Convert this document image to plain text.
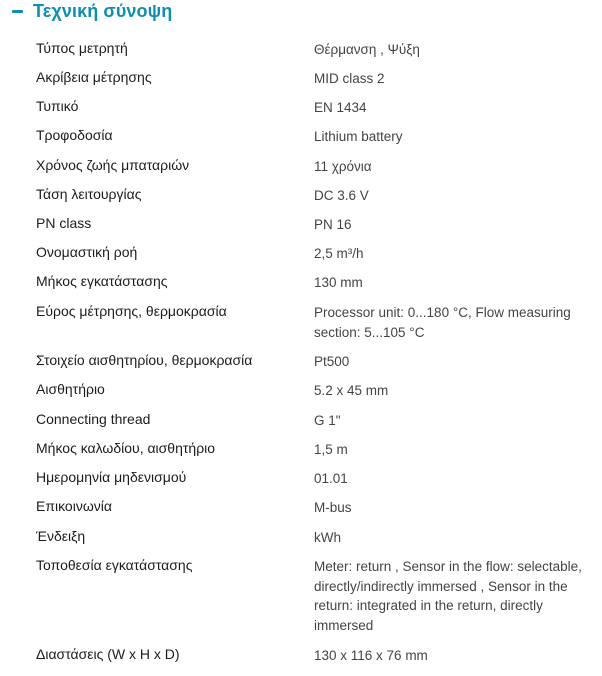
Τεχνική σύνοψη
Τύπος μετρητή	Θέρμανση , Ψύξη
Ακρίβεια μέτρησης	MID class 2
Τυπικό	EN 1434
Τροφοδοσία	Lithium battery
Χρόνος ζωής μπαταριών	11 χρόνια
Τάση λειτουργίας	DC 3.6 V
PN class	PN 16
Ονομαστική ροή	2,5 m³/h
Μήκος εγκατάστασης	130 mm
Εύρος μέτρησης, θερμοκρασία	Processor unit: 0...180 °C, Flow measuring section: 5...105 °C
Στοιχείο αισθητηρίου, θερμοκρασία	Pt500
Αισθητήριο	5.2 x 45 mm
Connecting thread	G 1"
Μήκος καλωδίου, αισθητήριο	1,5 m
Ημερομηνία μηδενισμού	01.01
Επικοινωνία	M-bus
Ένδειξη	kWh
Τοποθεσία εγκατάστασης	Meter: return , Sensor in the flow: selectable, directly/indirectly immersed , Sensor in the return: integrated in the return, directly immersed
Διαστάσεις (W x H x D)	130 x 116 x 76 mm
